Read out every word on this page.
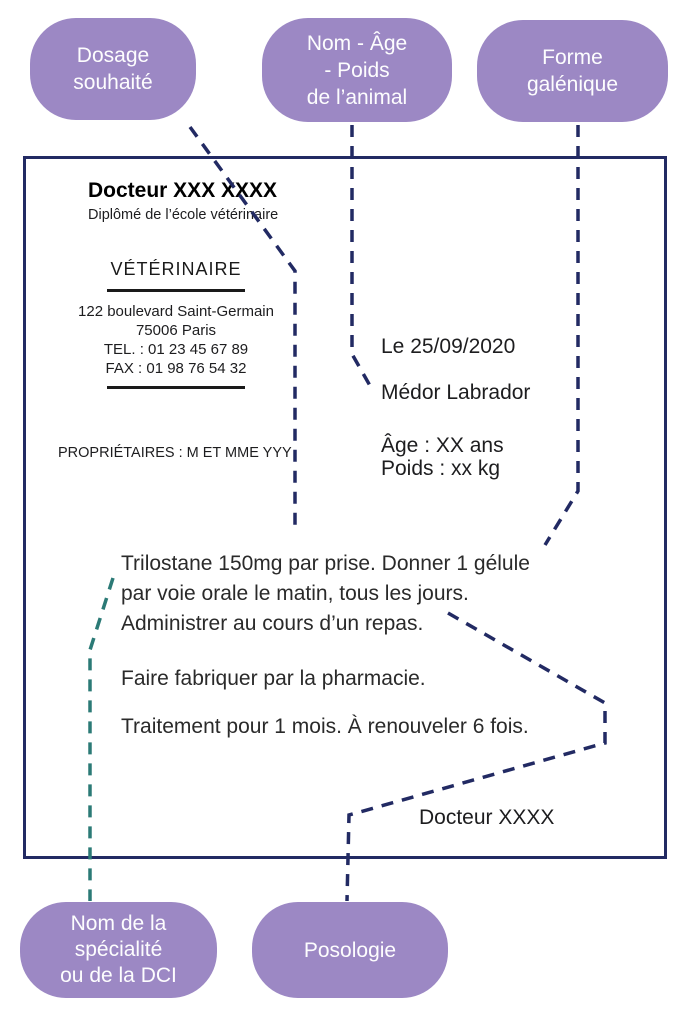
Dosage
souhaité
Nom - Âge
- Poids
de l’animal
Forme
galénique
Docteur XXX XXXX
Diplômé de l’école vétérinaire
VÉTÉRINAIRE
122 boulevard Saint-Germain
75006 Paris
TEL. : 01 23 45 67 89
FAX : 01 98 76 54 32
PROPRIÉTAIRES : M ET MME YYY
Le 25/09/2020
Médor Labrador
Âge : XX ans
Poids : xx kg
Trilostane 150mg par prise. Donner 1 gélule
par voie orale le matin, tous les jours.
Administrer au cours d’un repas.
Faire fabriquer par la pharmacie.
Traitement pour 1 mois. À renouveler 6 fois.
Docteur XXXX
Nom de la
spécialité
ou de la DCI
Posologie
